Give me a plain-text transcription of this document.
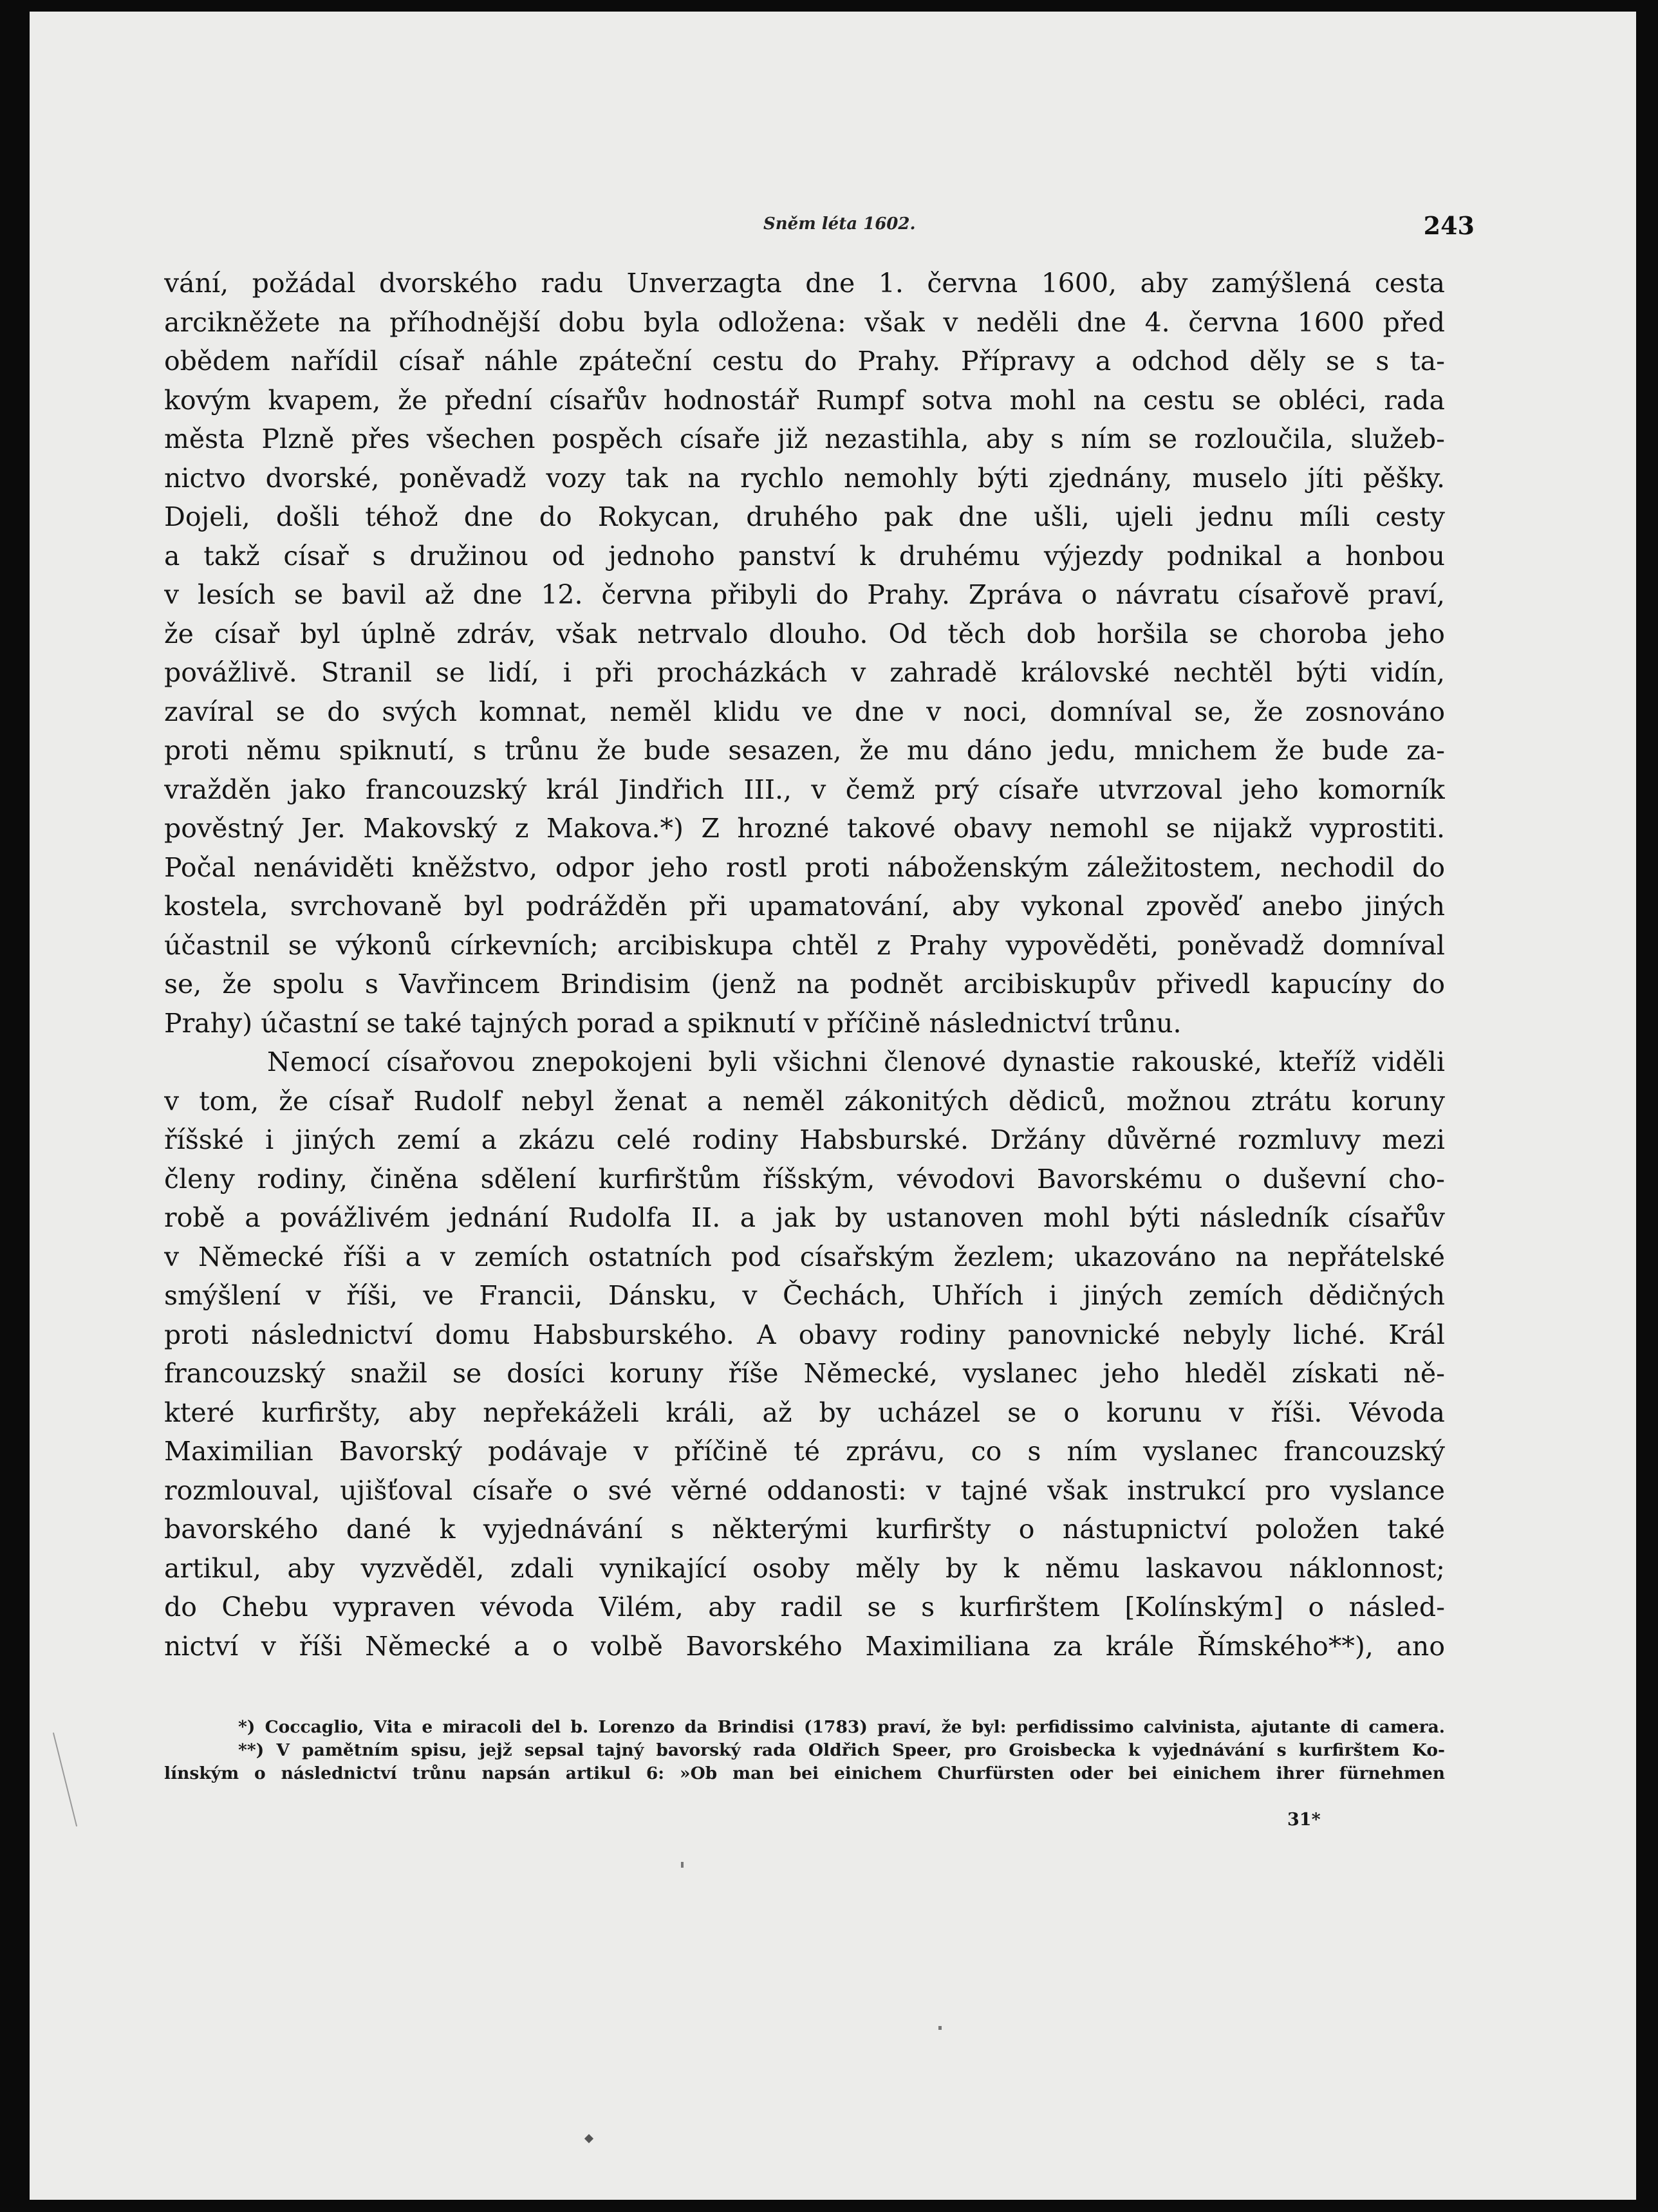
Sněm léta 1602.	243
vání, požádal dvorského radu Unverzagta dne 1. června 1600, aby zamýšlená cesta
arcikněžete na příhodnější dobu byla odložena: však v neděli dne 4. června 1600 před
obědem nařídil císař náhle zpáteční cestu do Prahy. Přípravy a odchod děly se s ta-
kovým kvapem, že přední císařův hodnostář Rumpf sotva mohl na cestu se obléci, rada
města Plzně přes všechen pospěch císaře již nezastihla, aby s ním se rozloučila, služeb-
nictvo dvorské, poněvadž vozy tak na rychlo nemohly býti zjednány, muselo jíti pěšky.
Dojeli, došli téhož dne do Rokycan, druhého pak dne ušli, ujeli jednu míli cesty
a takž císař s družinou od jednoho panství k druhému výjezdy podnikal a honbou
v lesích se bavil až dne 12. června přibyli do Prahy. Zpráva o návratu císařově praví,
že císař byl úplně zdráv, však netrvalo dlouho. Od těch dob horšila se choroba jeho
povážlivě. Stranil se lidí, i při procházkách v zahradě královské nechtěl býti vidín,
zavíral se do svých komnat, neměl klidu ve dne v noci, domníval se, že zosnováno
proti němu spiknutí, s trůnu že bude sesazen, že mu dáno jedu, mnichem že bude za-
vražděn jako francouzský král Jindřich III., v čemž prý císaře utvrzoval jeho komorník
pověstný Jer. Makovský z Makova.*) Z hrozné takové obavy nemohl se nijakž vyprostiti.
Počal nenáviděti kněžstvo, odpor jeho rostl proti náboženským záležitostem, nechodil do
kostela, svrchovaně byl podrážděn při upamatování, aby vykonal zpověď anebo jiných
účastnil se výkonů církevních; arcibiskupa chtěl z Prahy vypověděti, poněvadž domníval
se, že spolu s Vavřincem Brindisim (jenž na podnět arcibiskupův přivedl kapucíny do
Prahy) účastní se také tajných porad a spiknutí v příčině následnictví trůnu.
Nemocí císařovou znepokojeni byli všichni členové dynastie rakouské, kteříž viděli
v tom, že císař Rudolf nebyl ženat a neměl zákonitých dědiců, možnou ztrátu koruny
říšské i jiných zemí a zkázu celé rodiny Habsburské. Držány důvěrné rozmluvy mezi
členy rodiny, činěna sdělení kurfirštům říšským, vévodovi Bavorskému o duševní cho-
robě a povážlivém jednání Rudolfa II. a jak by ustanoven mohl býti následník císařův
v Německé říši a v zemích ostatních pod císařským žezlem; ukazováno na nepřátelské
smýšlení v říši, ve Francii, Dánsku, v Čechách, Uhřích i jiných zemích dědičných
proti následnictví domu Habsburského. A obavy rodiny panovnické nebyly liché. Král
francouzský snažil se dosíci koruny říše Německé, vyslanec jeho hleděl získati ně-
které kurfiršty, aby nepřekáželi králi, až by ucházel se o korunu v říši. Vévoda
Maximilian Bavorský podávaje v příčině té zprávu, co s ním vyslanec francouzský
rozmlouval, ujišťoval císaře o své věrné oddanosti: v tajné však instrukcí pro vyslance
bavorského dané k vyjednávání s některými kurfiršty o nástupnictví položen také
artikul, aby vyzvěděl, zdali vynikající osoby měly by k němu laskavou náklonnost;
do Chebu vypraven vévoda Vilém, aby radil se s kurfirštem [Kolínským] o násled-
nictví v říši Německé a o volbě Bavorského Maximiliana za krále Římského**), ano
*) Coccaglio, Vita e miracoli del b. Lorenzo da Brindisi (1783) praví, že byl: perfidissimo calvinista, ajutante di camera.
**) V pamětním spisu, jejž sepsal tajný bavorský rada Oldřich Speer, pro Groisbecka k vyjednávání s kurfirštem Ko-
línským o následnictví trůnu napsán artikul 6: »Ob man bei einichem Churfürsten oder bei einichem ihrer fürnehmen
31*
